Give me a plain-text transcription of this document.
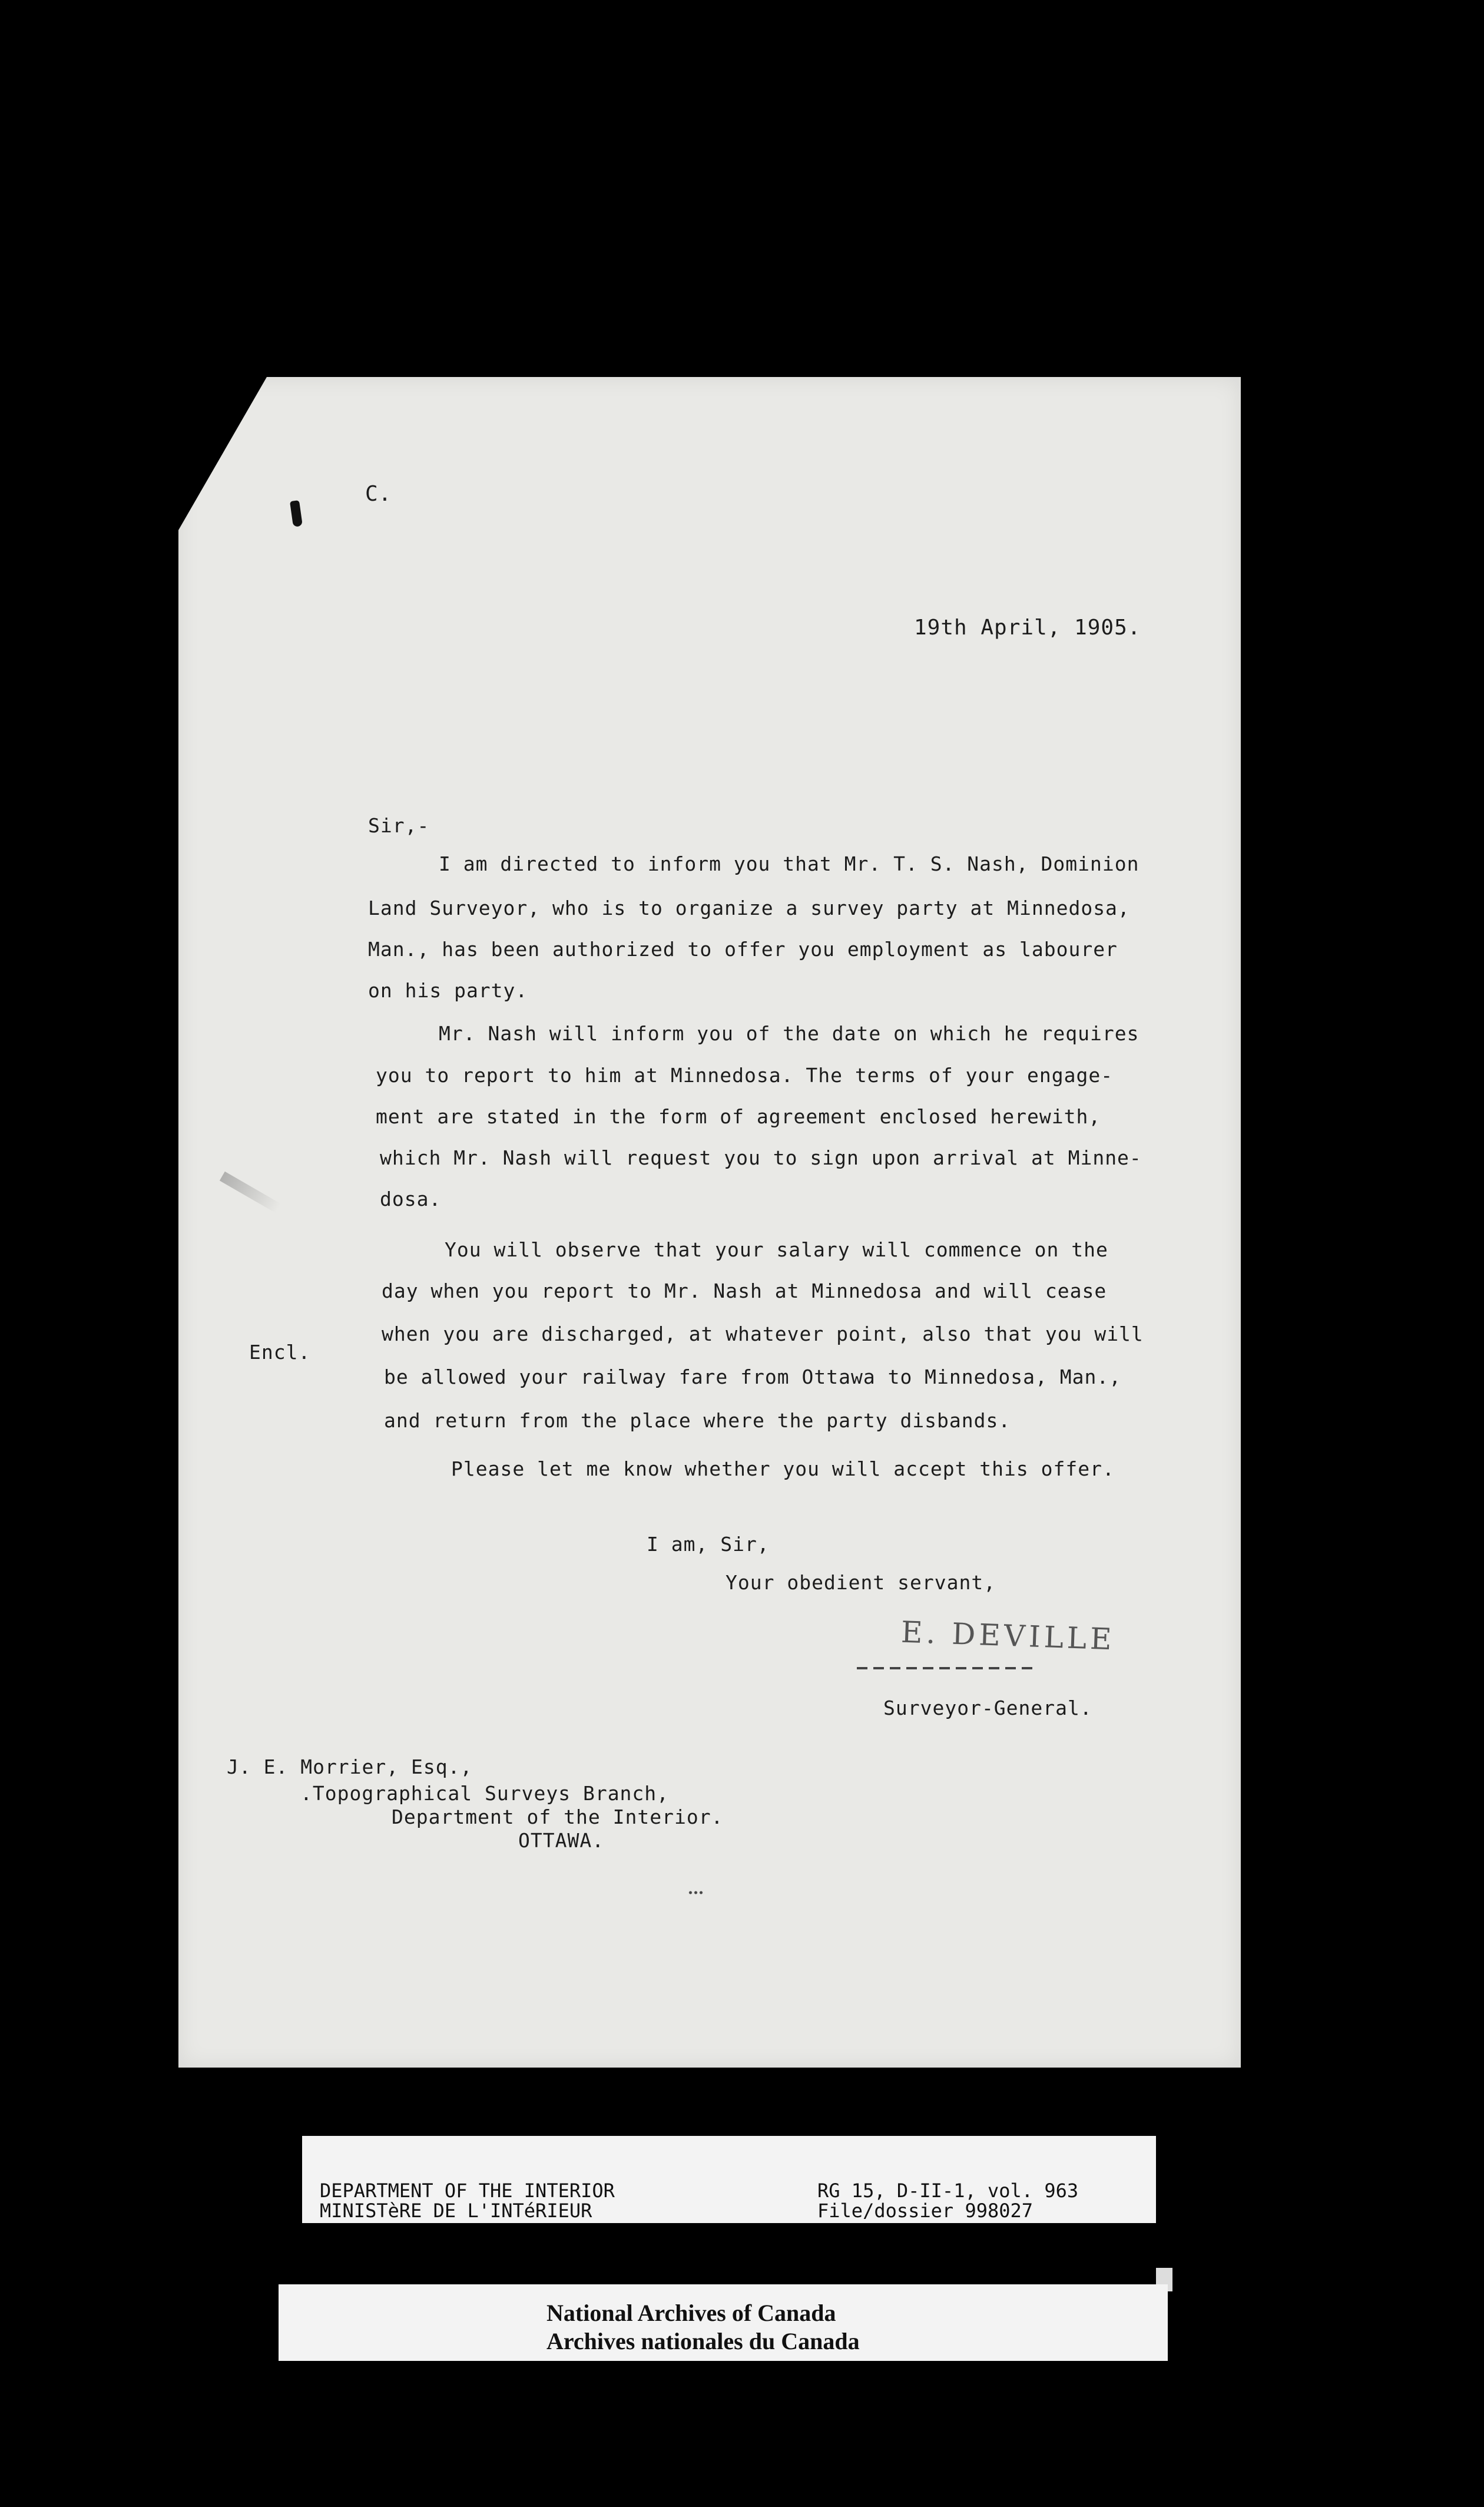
C.
19th April, 1905.
Sir,-
I am directed to inform you that Mr. T. S. Nash, Dominion
Land Surveyor, who is to organize a survey party at Minnedosa,
Man., has been authorized to offer you employment as labourer
on his party.
Mr. Nash will inform you of the date on which he requires
you to report to him at Minnedosa. The terms of your engage-
ment are stated in the form of agreement enclosed herewith,
which Mr. Nash will request you to sign upon arrival at Minne-
dosa.
You will observe that your salary will commence on the
day when you report to Mr. Nash at Minnedosa and will cease
when you are discharged, at whatever point, also that you will
be allowed your railway fare from Ottawa to Minnedosa, Man.,
and return from the place where the party disbands.
Please let me know whether you will accept this offer.
Encl.
I am, Sir,
Your obedient servant,
E. DEVILLE
Surveyor-General.
J. E. Morrier, Esq.,
.Topographical Surveys Branch,
Department of the Interior.
OTTAWA.
DEPARTMENT OF THE INTERIOR
MINISTèRE DE L'INTéRIEUR
RG 15, D-II-1, vol. 963
File/dossier 998027
National Archives of Canada
Archives nationales du Canada
